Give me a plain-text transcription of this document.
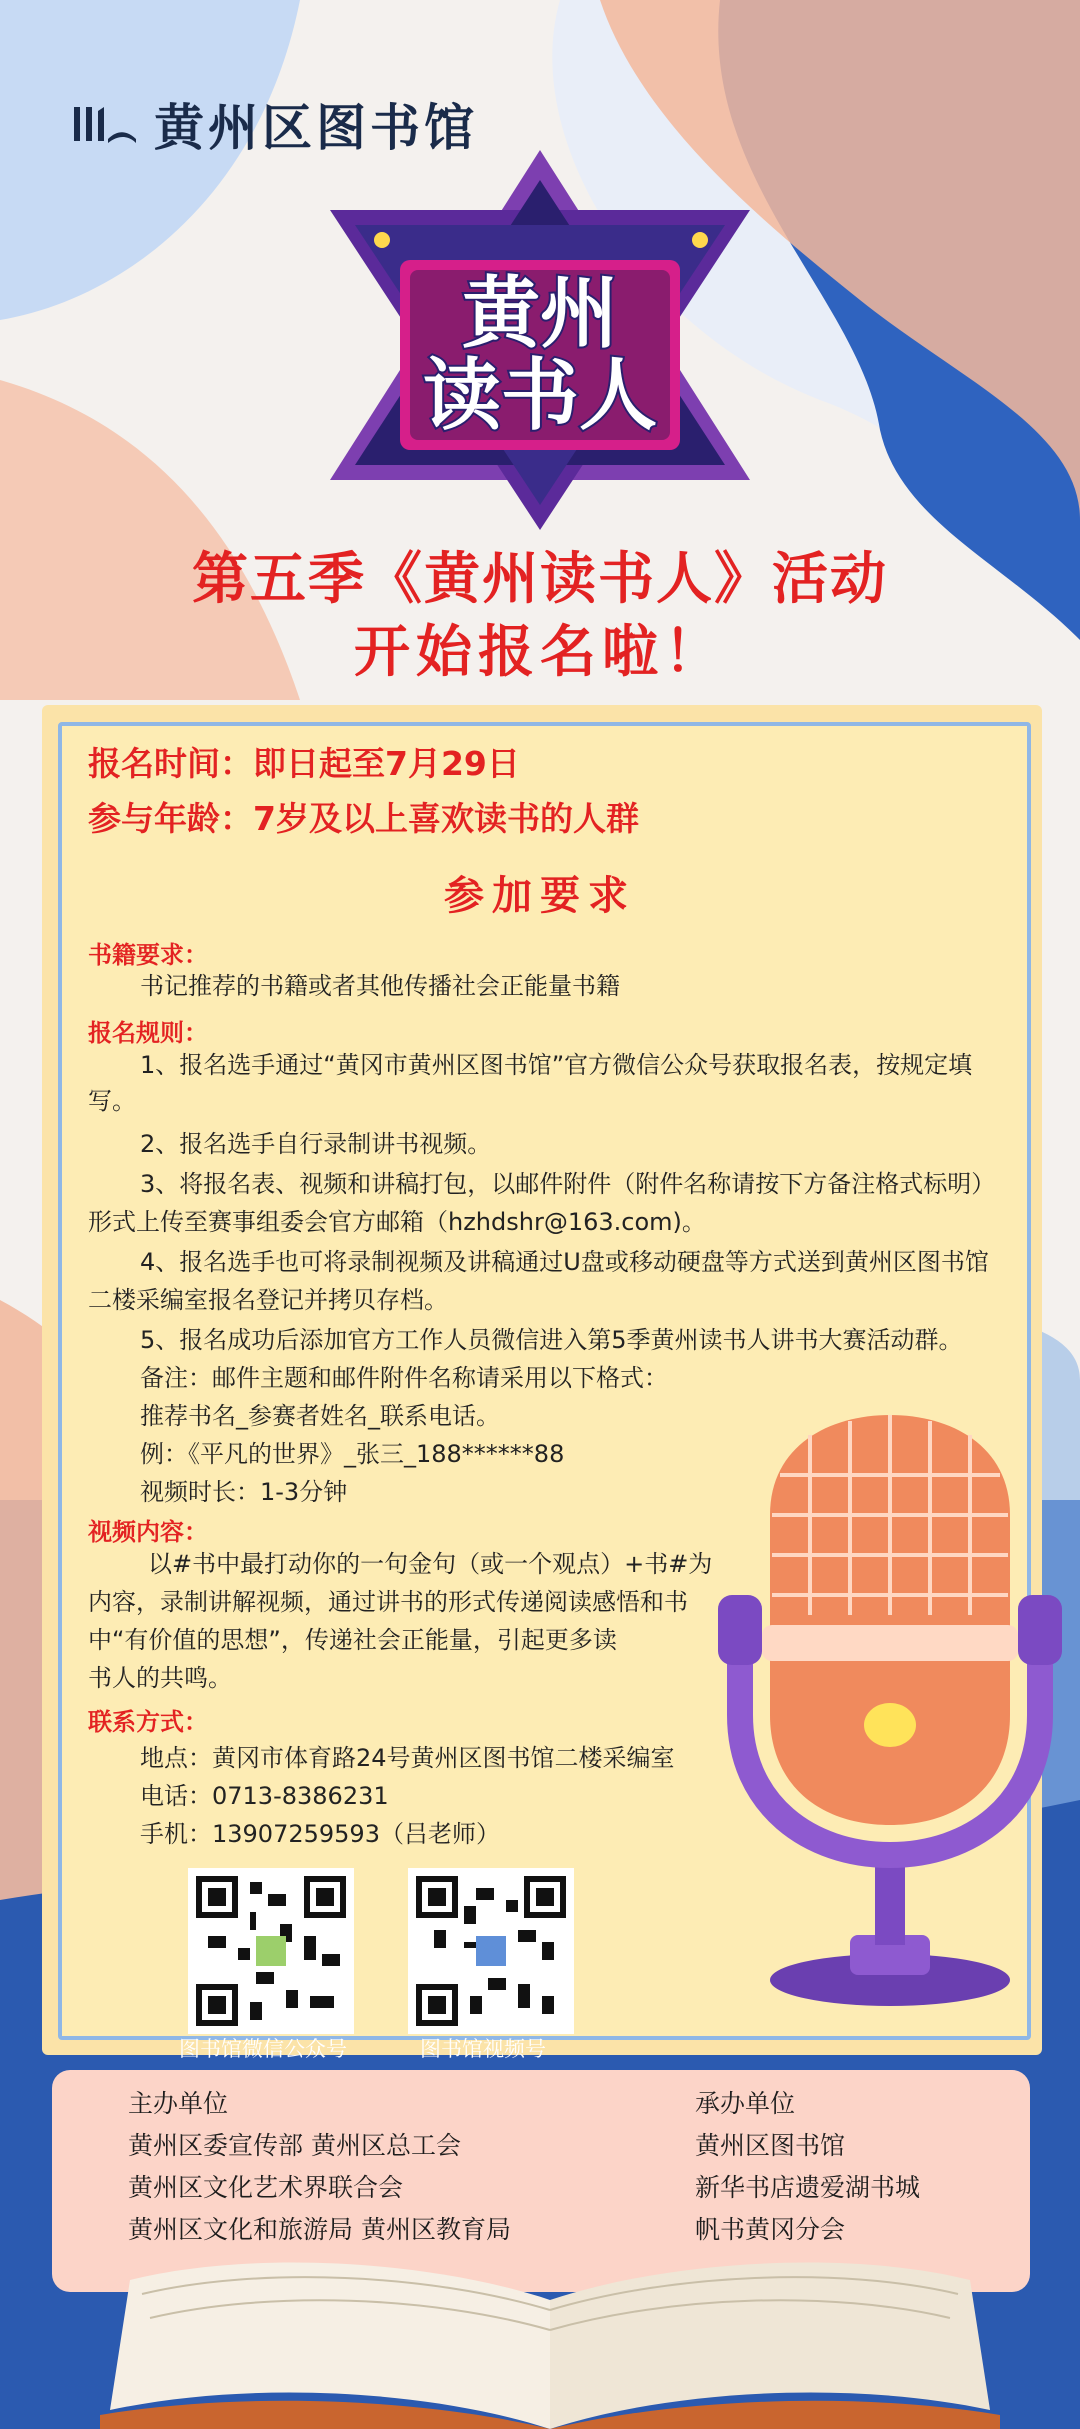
黄州区图书馆
黄州
读书人
第五季《黄州读书人》活动
开始报名啦！
报名时间：即日起至7月29日
参与年龄：7岁及以上喜欢读书的人群
参加要求
书籍要求：
书记推荐的书籍或者其他传播社会正能量书籍
报名规则：
1、报名选手通过“黄冈市黄州区图书馆”官方微信公众号获取报名表，按规定填
写。
2、报名选手自行录制讲书视频。
3、将报名表、视频和讲稿打包，以邮件附件（附件名称请按下方备注格式标明）
形式上传至赛事组委会官方邮箱（hzhdshr@163.com)。
4、报名选手也可将录制视频及讲稿通过U盘或移动硬盘等方式送到黄州区图书馆
二楼采编室报名登记并拷贝存档。
5、报名成功后添加官方工作人员微信进入第5季黄州读书人讲书大赛活动群。
备注：邮件主题和邮件附件名称请采用以下格式：
推荐书名_参赛者姓名_联系电话。
例：《平凡的世界》_张三_188******88
视频时长：1-3分钟
视频内容：
以#书中最打动你的一句金句（或一个观点）+书#为
内容，录制讲解视频，通过讲书的形式传递阅读感悟和书
中“有价值的思想”，传递社会正能量，引起更多读
书人的共鸣。
联系方式：
地点：黄冈市体育路24号黄州区图书馆二楼采编室
电话：0713-8386231
手机：13907259593（吕老师）
图书馆微信公众号	图书馆视频号
主办单位
黄州区委宣传部 黄州区总工会
黄州区文化艺术界联合会
黄州区文化和旅游局 黄州区教育局
承办单位
黄州区图书馆
新华书店遗爱湖书城
帆书黄冈分会
